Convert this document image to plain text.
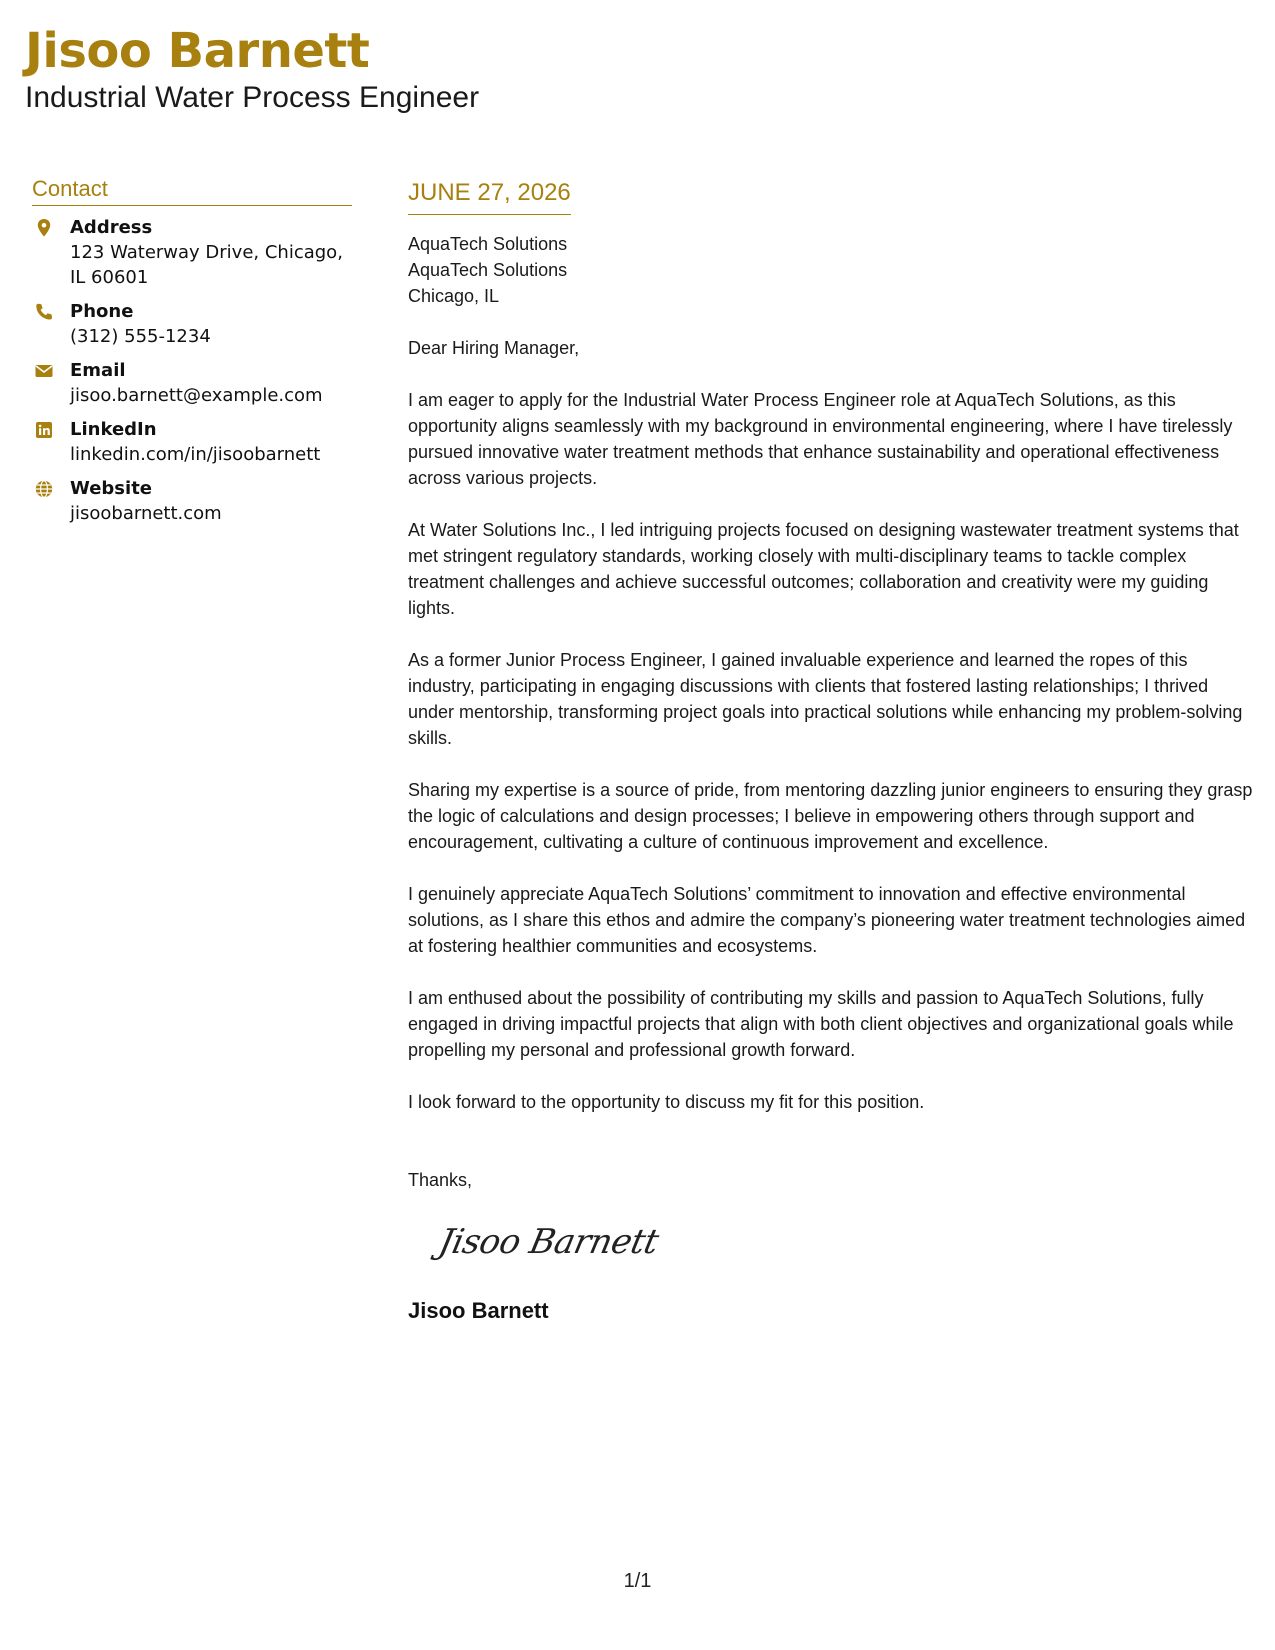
Jisoo Barnett
Industrial Water Process Engineer
Contact
Address
123 Waterway Drive, Chicago, IL 60601
Phone
(312) 555-1234
Email
jisoo.barnett@example.com
LinkedIn
linkedin.com/in/jisoobarnett
Website
jisoobarnett.com
JUNE 27, 2026
AquaTech Solutions
AquaTech Solutions
Chicago, IL
Dear Hiring Manager,

I am eager to apply for the Industrial Water Process Engineer role at AquaTech Solutions, as this opportunity aligns seamlessly with my background in environmental engineering, where I have tirelessly pursued innovative water treatment methods that enhance sustainability and operational effectiveness across various projects.

At Water Solutions Inc., I led intriguing projects focused on designing wastewater treatment systems that met stringent regulatory standards, working closely with multi-disciplinary teams to tackle complex treatment challenges and achieve successful outcomes; collaboration and creativity were my guiding lights.

As a former Junior Process Engineer, I gained invaluable experience and learned the ropes of this industry, participating in engaging discussions with clients that fostered lasting relationships; I thrived under mentorship, transforming project goals into practical solutions while enhancing my problem-solving skills.

Sharing my expertise is a source of pride, from mentoring dazzling junior engineers to ensuring they grasp the logic of calculations and design processes; I believe in empowering others through support and encouragement, cultivating a culture of continuous improvement and excellence.

I genuinely appreciate AquaTech Solutions’ commitment to innovation and effective environmental solutions, as I share this ethos and admire the company’s pioneering water treatment technologies aimed at fostering healthier communities and ecosystems.

I am enthused about the possibility of contributing my skills and passion to AquaTech Solutions, fully engaged in driving impactful projects that align with both client objectives and organizational goals while propelling my personal and professional growth forward.

I look forward to the opportunity to discuss my fit for this position.

Thanks,
Jisoo Barnett
Jisoo Barnett
1/1
